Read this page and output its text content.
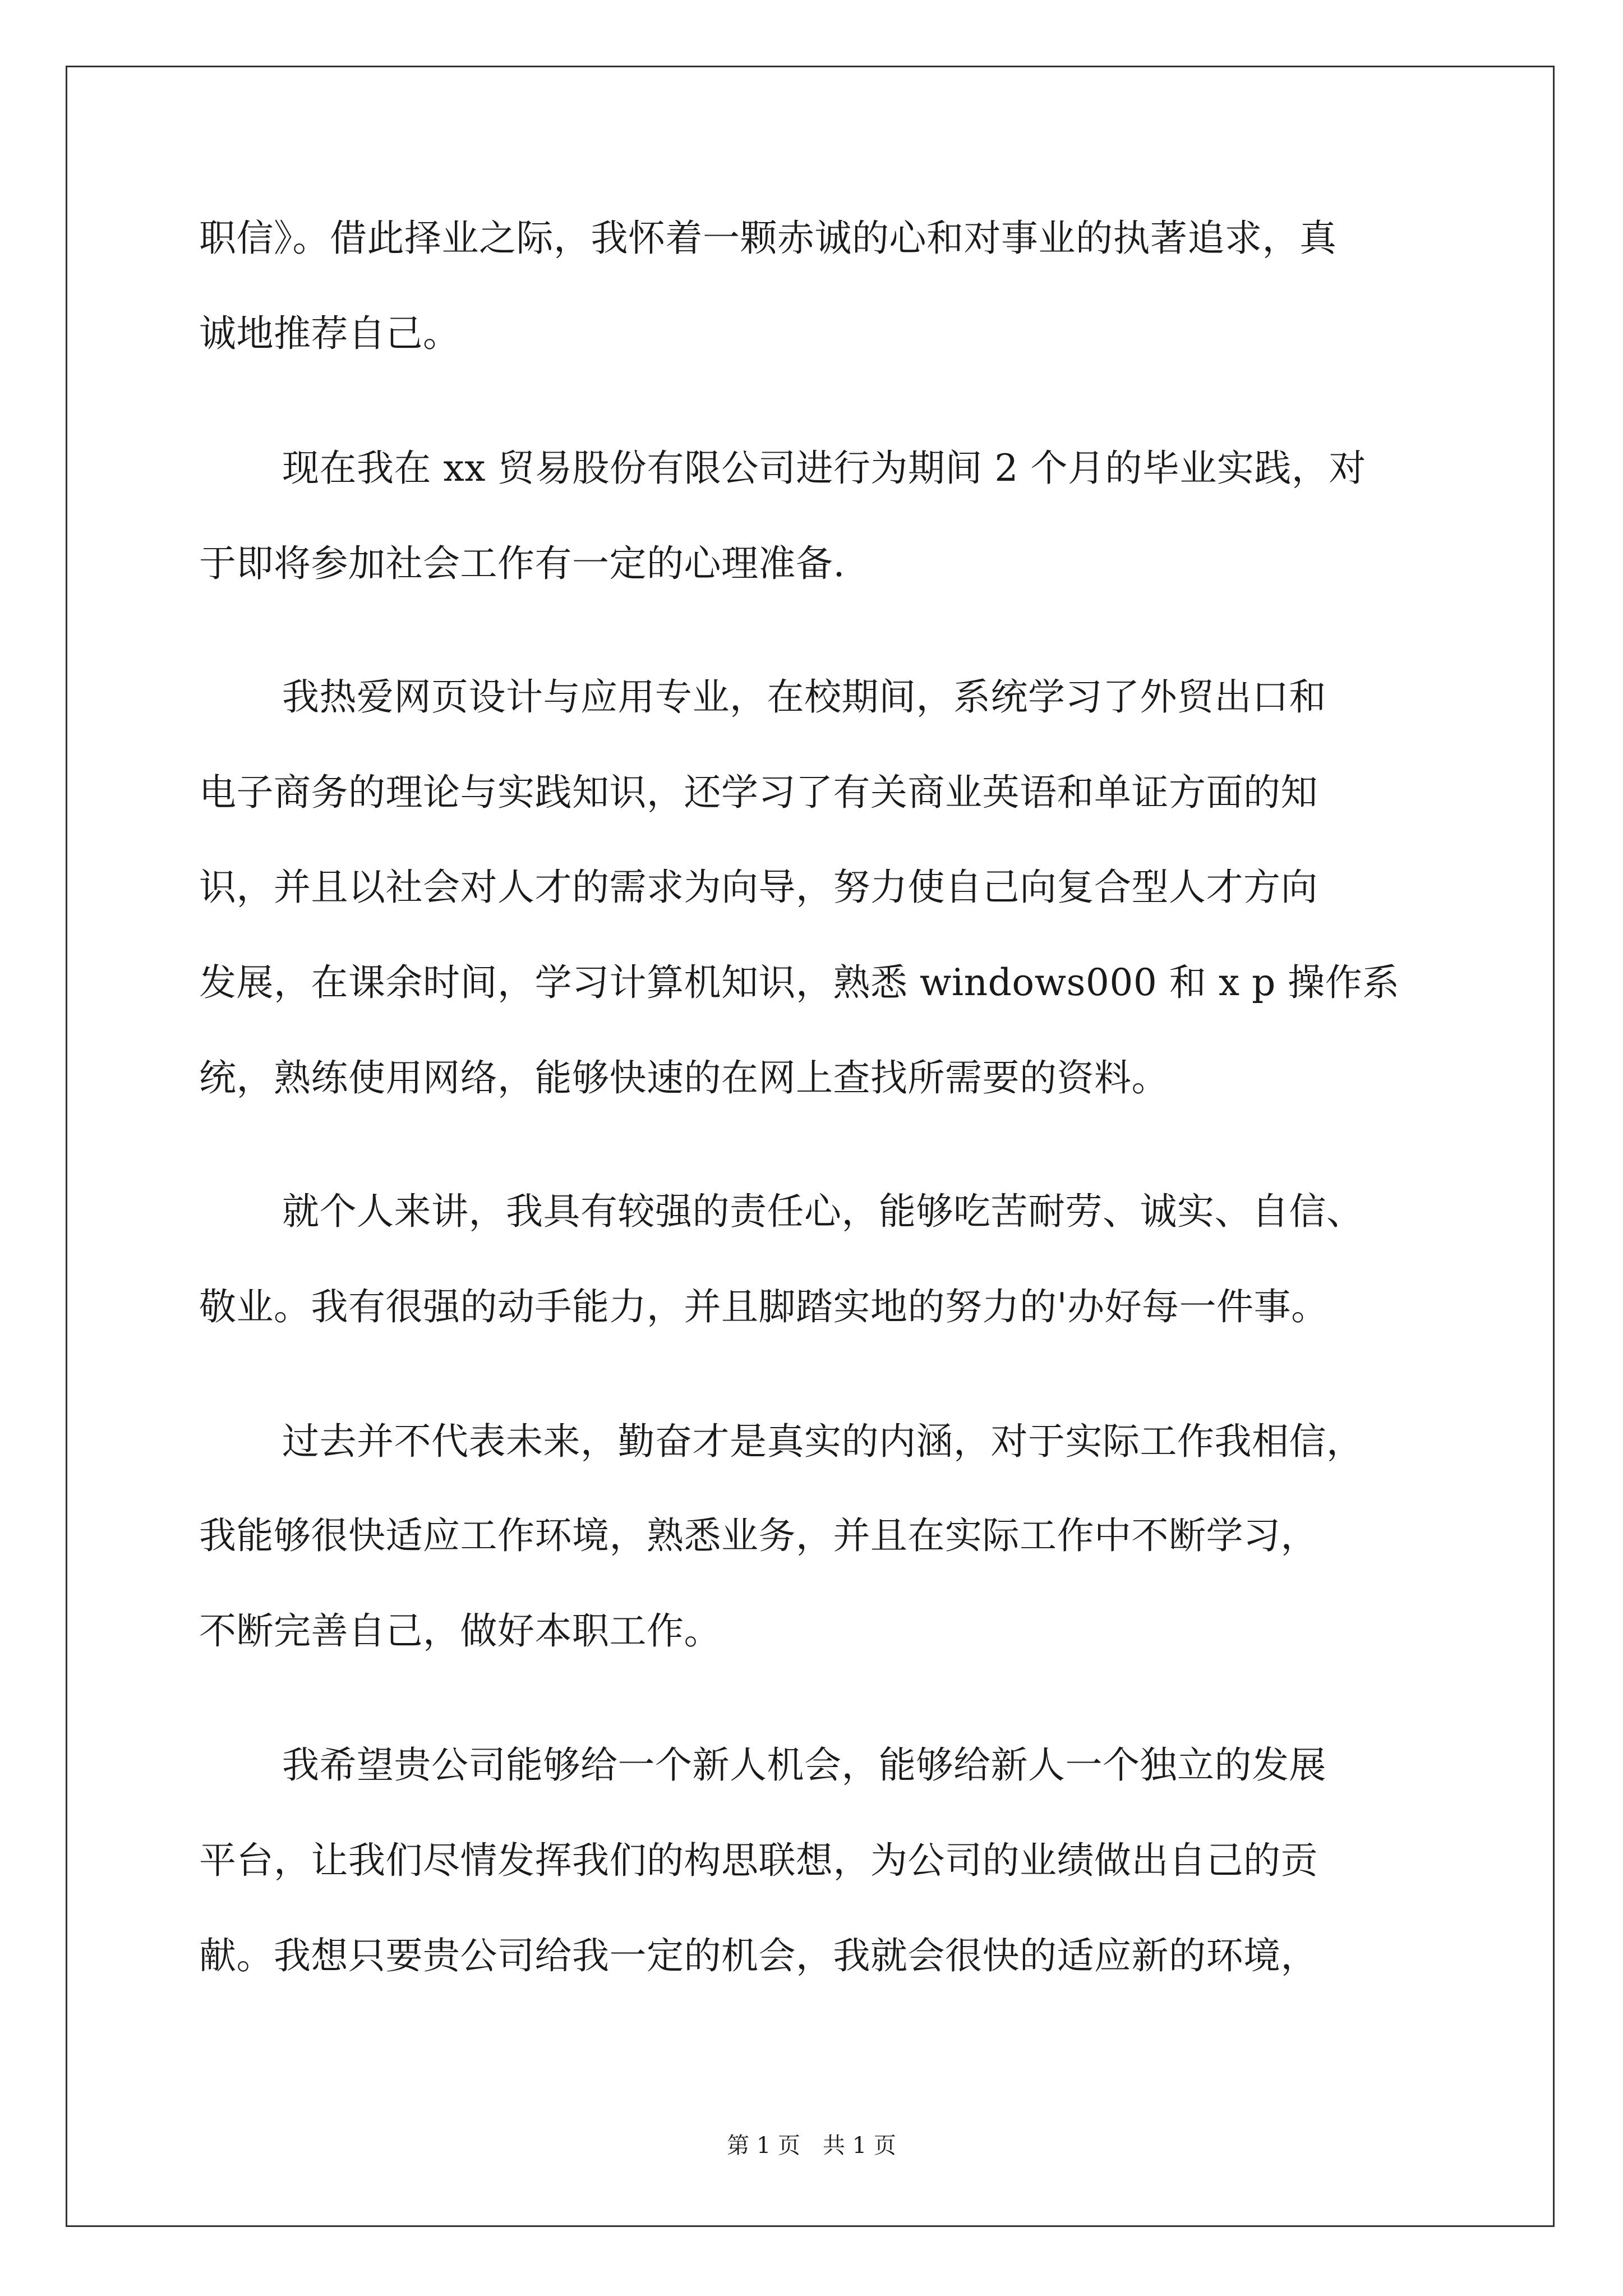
职信》。借此择业之际，我怀着一颗赤诚的心和对事业的执著追求，真
诚地推荐自己。
现在我在 xx 贸易股份有限公司进行为期间 2 个月的毕业实践，对
于即将参加社会工作有一定的心理准备.
我热爱网页设计与应用专业，在校期间，系统学习了外贸出口和
电子商务的理论与实践知识，还学习了有关商业英语和单证方面的知
识，并且以社会对人才的需求为向导，努力使自己向复合型人才方向
发展，在课余时间，学习计算机知识，熟悉 windows000 和 x p 操作系
统，熟练使用网络，能够快速的在网上查找所需要的资料。
就个人来讲，我具有较强的责任心，能够吃苦耐劳、诚实、自信、
敬业。我有很强的动手能力，并且脚踏实地的努力的'办好每一件事。
过去并不代表未来，勤奋才是真实的内涵，对于实际工作我相信，
我能够很快适应工作环境，熟悉业务，并且在实际工作中不断学习，
不断完善自己，做好本职工作。
我希望贵公司能够给一个新人机会，能够给新人一个独立的发展
平台，让我们尽情发挥我们的构思联想，为公司的业绩做出自己的贡
献。我想只要贵公司给我一定的机会，我就会很快的适应新的环境，
第 1 页　共 1 页
